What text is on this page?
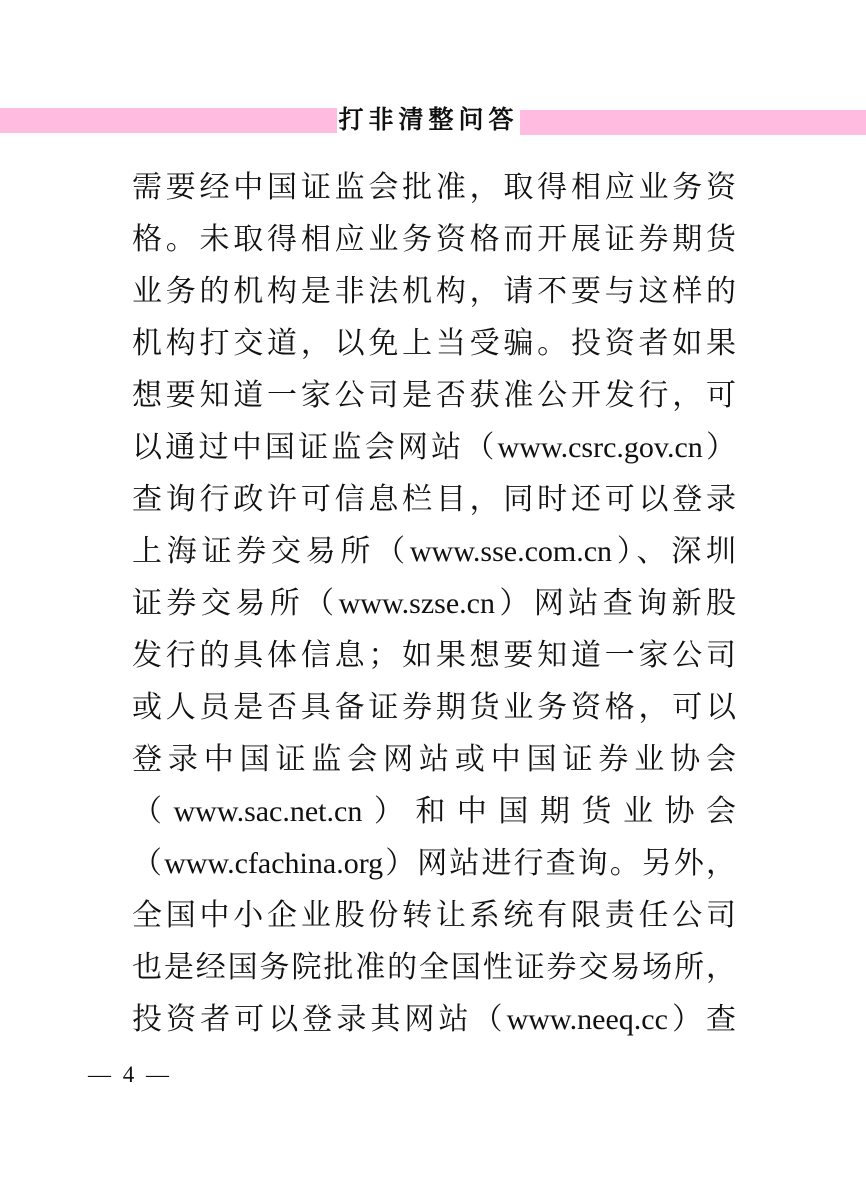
打非清整问答
需要经中国证监会批准，取得相应业务资
格。未取得相应业务资格而开展证券期货
业务的机构是非法机构，请不要与这样的
机构打交道，以免上当受骗。投资者如果
想要知道一家公司是否获准公开发行，可
以通过中国证监会网站（www.csrc.gov.cn）
查询行政许可信息栏目，同时还可以登录
上海证券交易所（www.sse.com.cn）、深圳
证券交易所（www.szse.cn）网站查询新股
发行的具体信息；如果想要知道一家公司
或人员是否具备证券期货业务资格，可以
登录中国证监会网站或中国证券业协会
（www.sac.net.cn）和中国期货业协会
（www.cfachina.org）网站进行查询。另外，
全国中小企业股份转让系统有限责任公司
也是经国务院批准的全国性证券交易场所，
投资者可以登录其网站（www.neeq.cc）查
— 4 —
